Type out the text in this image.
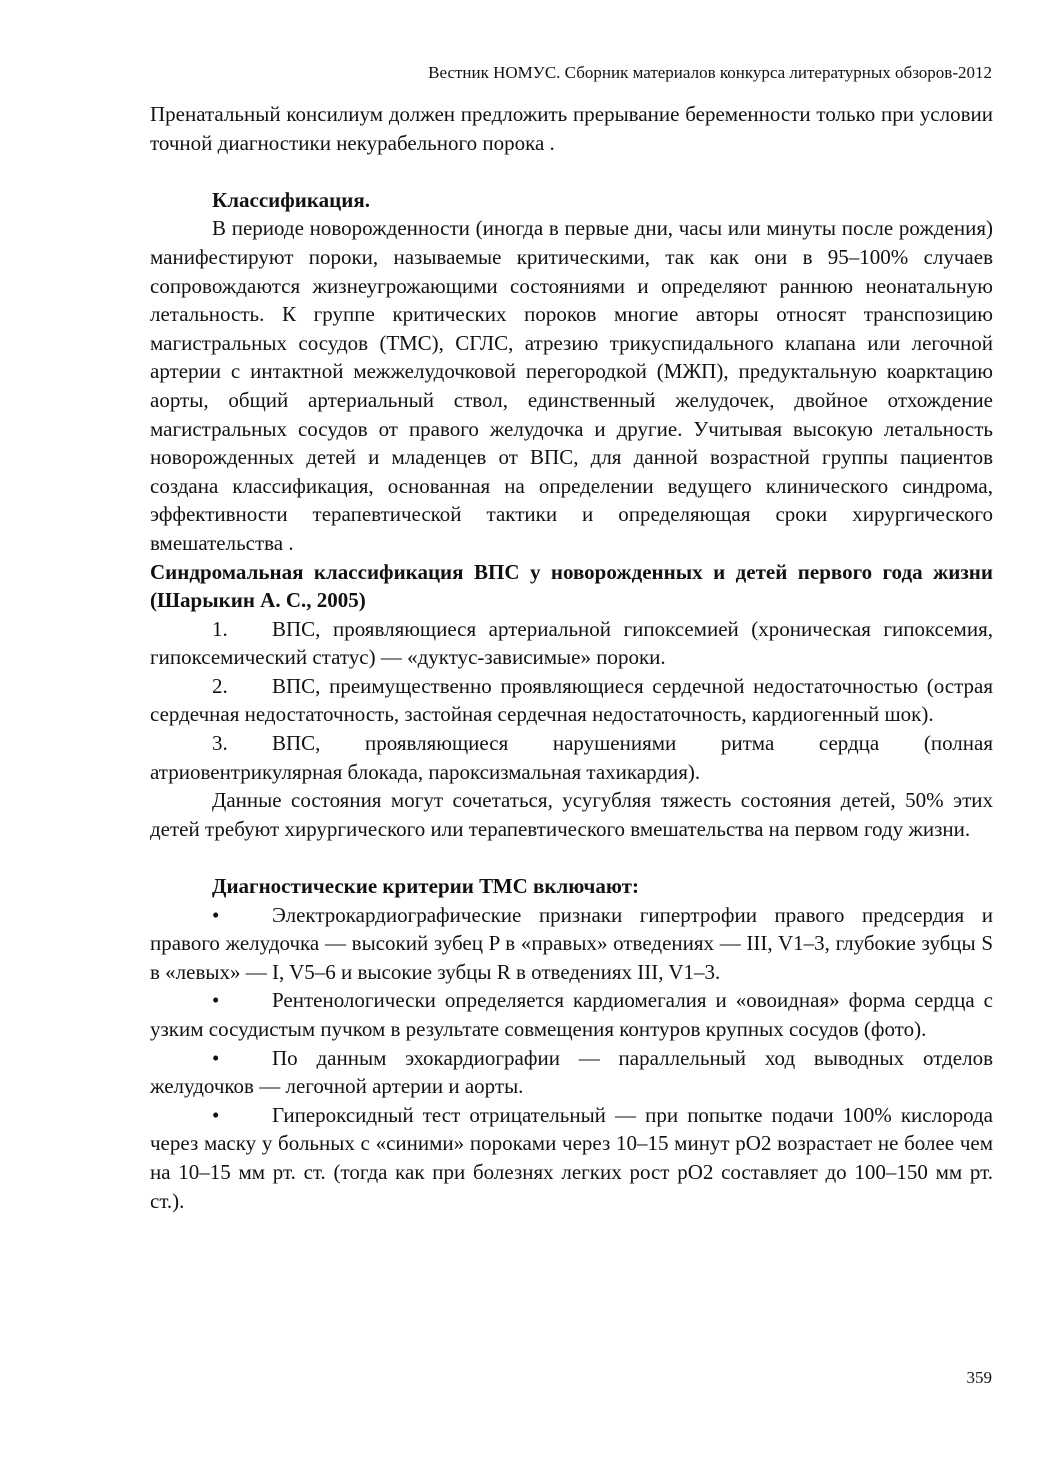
Вестник НОМУС. Сборник материалов конкурса литературных обзоров-2012

Пренатальный консилиум должен предложить прерывание беременности только при условии точной диагностики некурабельного порока .

Классификация.

В периоде новорожденности (иногда в первые дни, часы или минуты после рождения) манифестируют пороки, называемые критическими, так как они в 95–100% случаев сопровождаются жизнеугрожающими состояниями и определяют раннюю неонатальную летальность. К группе критических пороков многие авторы относят транспозицию магистральных сосудов (ТМС), СГЛС, атрезию трикуспидального клапана или легочной артерии с интактной межжелудочковой перегородкой (МЖП), предуктальную коарктацию аорты, общий артериальный ствол, единственный желудочек, двойное отхождение магистральных сосудов от правого желудочка и другие. Учитывая высокую летальность новорожденных детей и младенцев от ВПС, для данной возрастной группы пациентов создана классификация, основанная на определении ведущего клинического синдрома, эффективности терапевтической тактики и определяющая сроки хирургического вмешательства .

Синдромальная классификация ВПС у новорожденных и детей первого года жизни (Шарыкин А. С., 2005)

1. ВПС, проявляющиеся артериальной гипоксемией (хроническая гипоксемия, гипоксемический статус) — «дуктус-зависимые» пороки.

2. ВПС, преимущественно проявляющиеся сердечной недостаточностью (острая сердечная недостаточность, застойная сердечная недостаточность, кардиогенный шок).

3. ВПС, проявляющиеся нарушениями ритма сердца (полная атриовентрикулярная блокада, пароксизмальная тахикардия).

Данные состояния могут сочетаться, усугубляя тяжесть состояния детей, 50% этих детей требуют хирургического или терапевтического вмешательства на первом году жизни.

Диагностические критерии ТМС включают:

•	Электрокардиографические признаки гипертрофии правого предсердия и правого желудочка — высокий зубец P в «правых» отведениях — III, V1–3, глубокие зубцы S в «левых» — I, V5–6 и высокие зубцы R в отведениях III, V1–3.

•	Рентенологически определяется кардиомегалия и «овоидная» форма сердца с узким сосудистым пучком в результате совмещения контуров крупных сосудов (фото).

•	По данным эхокардиографии — параллельный ход выводных отделов желудочков — легочной артерии и аорты.

•	Гипероксидный тест отрицательный — при попытке подачи 100% кислорода через маску у больных с «синими» пороками через 10–15 минут pO2 возрастает не более чем на 10–15 мм рт. ст. (тогда как при болезнях легких рост pO2 составляет до 100–150 мм рт. ст.).

359
